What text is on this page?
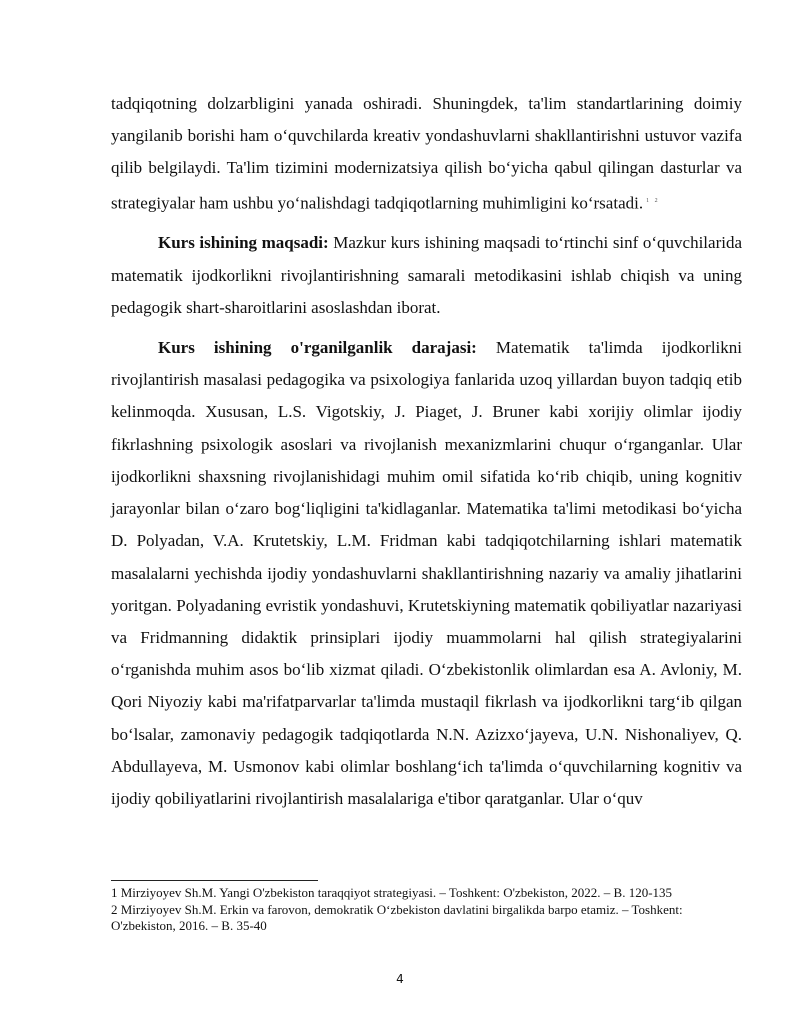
tadqiqotning dolzarbligini yanada oshiradi. Shuningdek, ta'lim standartlarining doimiy yangilanib borishi ham o‘quvchilarda kreativ yondashuvlarni shakllantirishni ustuvor vazifa qilib belgilaydi. Ta'lim tizimini modernizatsiya qilish bo‘yicha qabul qilingan dasturlar va strategiyalar ham ushbu yo‘nalishdagi tadqiqotlarning muhimligini ko‘rsatadi. $^{1 2}$

Kurs ishining maqsadi: Mazkur kurs ishining maqsadi to‘rtinchi sinf o‘quvchilarida matematik ijodkorlikni rivojlantirishning samarali metodikasini ishlab chiqish va uning pedagogik shart-sharoitlarini asoslashdan iborat.

Kurs ishining o'rganilganlik darajasi: Matematik ta'limda ijodkorlikni rivojlantirish masalasi pedagogika va psixologiya fanlarida uzoq yillardan buyon tadqiq etib kelinmoqda. Xususan, L.S. Vigotskiy, J. Piaget, J. Bruner kabi xorijiy olimlar ijodiy fikrlashning psixologik asoslari va rivojlanish mexanizmlarini chuqur o‘rganganlar. Ular ijodkorlikni shaxsning rivojlanishidagi muhim omil sifatida ko‘rib chiqib, uning kognitiv jarayonlar bilan o‘zaro bog‘liqligini ta'kidlaganlar. Matematika ta'limi metodikasi bo‘yicha D. Polyadan, V.A. Krutetskiy, L.M. Fridman kabi tadqiqotchilarning ishlari matematik masalalarni yechishda ijodiy yondashuvlarni shakllantirishning nazariy va amaliy jihatlarini yoritgan. Polyadaning evristik yondashuvi, Krutetskiyning matematik qobiliyatlar nazariyasi va Fridmanning didaktik prinsiplari ijodiy muammolarni hal qilish strategiyalarini o‘rganishda muhim asos bo‘lib xizmat qiladi. O‘zbekistonlik olimlardan esa A. Avloniy, M. Qori Niyoziy kabi ma'rifatparvarlar ta'limda mustaqil fikrlash va ijodkorlikni targ‘ib qilgan bo‘lsalar, zamonaviy pedagogik tadqiqotlarda N.N. Azizxo‘jayeva, U.N. Nishonaliyev, Q. Abdullayeva, M. Usmonov kabi olimlar boshlang‘ich ta'limda o‘quvchilarning kognitiv va ijodiy qobiliyatlarini rivojlantirish masalalariga e'tibor qaratganlar. Ular o‘quv

1 Mirziyoyev Sh.M. Yangi O'zbekiston taraqqiyot strategiyasi. – Toshkent: O'zbekiston, 2022. – B. 120-135

2 Mirziyoyev Sh.M. Erkin va farovon, demokratik Oʻzbekiston davlatini birgalikda barpo etamiz. – Toshkent: O'zbekiston, 2016. – B. 35-40

4
